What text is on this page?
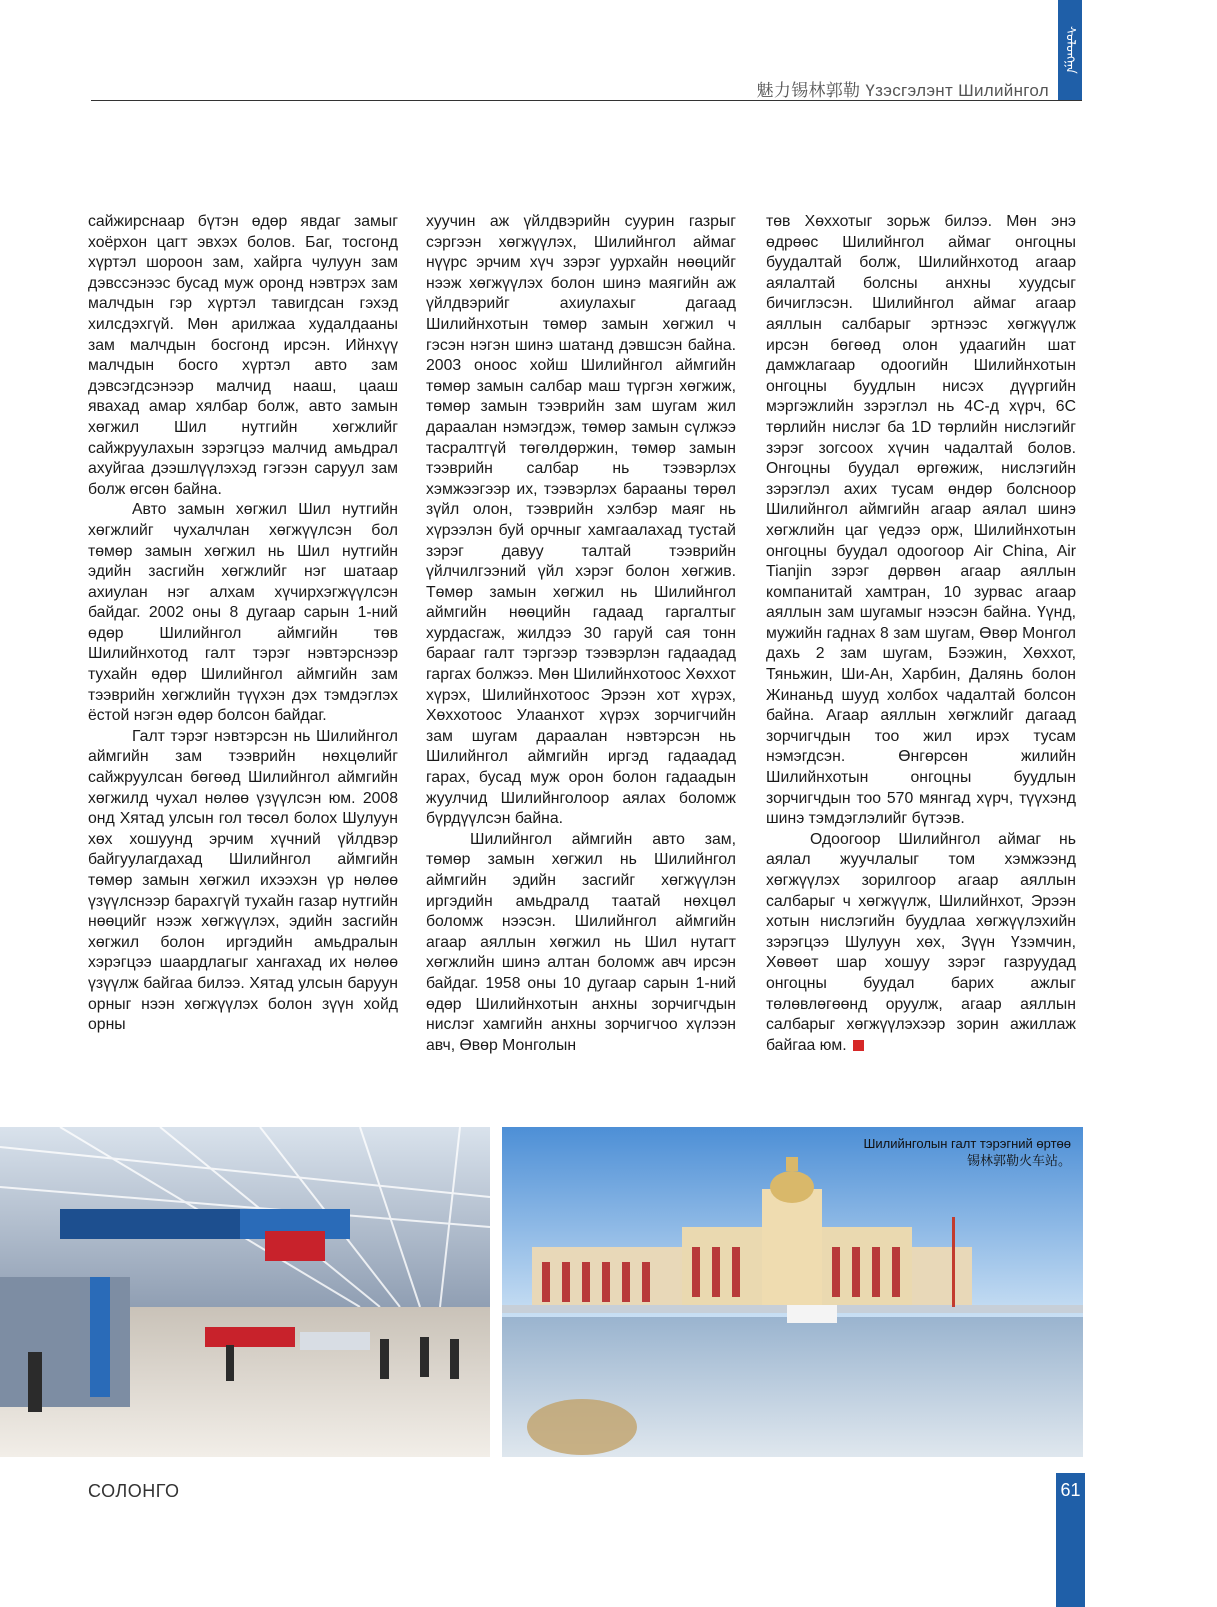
ᠰᠣᠯᠣᠩᠭ᠋ᠠ
魅力锡林郭勒 Үзэсгэлэнт Шилийнгол

сайжирснаар бүтэн өдөр явдаг замыг хоёрхон цагт эвхэх болов. Баг, тосгонд хүртэл шороон зам, хайрга чулуун зам дэвссэнээс бусад муж оронд нэвтрэх зам малчдын гэр хүртэл тавигдсан гэхэд хилсдэхгүй. Мөн арилжаа худалдааны зам малчдын босгонд ирсэн. Ийнхүү малчдын босго хүртэл авто зам дэвсэгдсэнээр малчид нааш, цааш явахад амар хялбар болж, авто замын хөгжил Шил нутгийн хөгжлийг сайжруулахын зэрэгцээ малчид амьдрал ахуйгаа дээшлүүлэхэд гэгээн саруул зам болж өгсөн байна.

Авто замын хөгжил Шил нутгийн хөгжлийг чухалчлан хөгжүүлсэн бол төмөр замын хөгжил нь Шил нутгийн эдийн засгийн хөгжлийг нэг шатаар ахиулан нэг алхам хүчирхэгжүүлсэн байдаг. 2002 оны 8 дугаар сарын 1-ний өдөр Шилийнгол аймгийн төв Шилийнхотод галт тэрэг нэвтэрснээр тухайн өдөр Шилийнгол аймгийн зам тээврийн хөгжлийн түүхэн дэх тэмдэглэх ёстой нэгэн өдөр болсон байдаг.

Галт тэрэг нэвтэрсэн нь Шилийнгол аймгийн зам тээврийн нөхцөлийг сайжруулсан бөгөөд Шилийнгол аймгийн хөгжилд чухал нөлөө үзүүлсэн юм. 2008 онд Хятад улсын гол төсөл болох Шулуун хөх хошуунд эрчим хүчний үйлдвэр байгуулагдахад Шилийнгол аймгийн төмөр замын хөгжил ихээхэн үр нөлөө үзүүлснээр барахгүй тухайн газар нутгийн нөөцийг нээж хөгжүүлэх, эдийн засгийн хөгжил болон иргэдийн амьдралын хэрэгцээ шаардлагыг хангахад их нөлөө үзүүлж байгаа билээ. Хятад улсын баруун орныг нээн хөгжүүлэх болон зүүн хойд орны

хуучин аж үйлдвэрийн суурин газрыг сэргээн хөгжүүлэх, Шилийнгол аймаг нүүрс эрчим хүч зэрэг уурхайн нөөцийг нээж хөгжүүлэх болон шинэ маягийн аж үйлдвэрийг ахиулахыг дагаад Шилийнхотын төмөр замын хөгжил ч гэсэн нэгэн шинэ шатанд дэвшсэн байна. 2003 оноос хойш Шилийнгол аймгийн төмөр замын салбар маш түргэн хөгжиж, төмөр замын тээврийн зам шугам жил дараалан нэмэгдэж, төмөр замын сүлжээ тасралтгүй төгөлдөржин, төмөр замын тээврийн салбар нь тээвэрлэх хэмжээгээр их, тээвэрлэх барааны төрөл зүйл олон, тээврийн хэлбэр маяг нь хүрээлэн буй орчныг хамгаалахад тустай зэрэг давуу талтай тээврийн үйлчилгээний үйл хэрэг болон хөгжив. Төмөр замын хөгжил нь Шилийнгол аймгийн нөөцийн гадаад гаргалтыг хурдасгаж, жилдээ 30 гаруй сая тонн барааг галт тэргээр тээвэрлэн гадаадад гаргах болжээ. Мөн Шилийнхотоос Хөххот хүрэх, Шилийнхотоос Эрээн хот хүрэх, Хөххотоос Улаанхот хүрэх зорчигчийн зам шугам дараалан нэвтэрсэн нь Шилийнгол аймгийн иргэд гадаадад гарах, бусад муж орон болон гадаадын жуулчид Шилийнголоор аялах боломж бүрдүүлсэн байна.

Шилийнгол аймгийн авто зам, төмөр замын хөгжил нь Шилийнгол аймгийн эдийн засгийг хөгжүүлэн иргэдийн амьдралд таатай нөхцөл боломж нээсэн. Шилийнгол аймгийн агаар аяллын хөгжил нь Шил нутагт хөгжлийн шинэ алтан боломж авч ирсэн байдаг. 1958 оны 10 дугаар сарын 1-ний өдөр Шилийнхотын анхны зорчигчдын нислэг хамгийн анхны зорчигчоо хүлээн авч, Өвөр Монголын

төв Хөххотыг зорьж билээ. Мөн энэ өдрөөс Шилийнгол аймаг онгоцны буудалтай болж, Шилийнхотод агаар аялалтай болсны анхны хуудсыг бичиглэсэн. Шилийнгол аймаг агаар аяллын салбарыг эртнээс хөгжүүлж ирсэн бөгөөд олон удаагийн шат дамжлагаар одоогийн Шилийнхотын онгоцны буудлын нисэх дүүргийн мэргэжлийн зэрэглэл нь 4C-д хүрч, 6C төрлийн нислэг ба 1D төрлийн нислэгийг зэрэг зогсоох хүчин чадалтай болов. Онгоцны буудал өргөжиж, нислэгийн зэрэглэл ахих тусам өндөр болсноор Шилийнгол аймгийн агаар аялал шинэ хөгжлийн цаг үедээ орж, Шилийнхотын онгоцны буудал одоогоор Air China, Air Tianjin зэрэг дөрвөн агаар аяллын компанитай хамтран, 10 зурвас агаар аяллын зам шугамыг нээсэн байна. Үүнд, мужийн гаднах 8 зам шугам, Өвөр Монгол дахь 2 зам шугам, Бээжин, Хөххот, Тяньжин, Ши-Ан, Харбин, Далянь болон Жинаньд шууд холбох чадалтай болсон байна. Агаар аяллын хөгжлийг дагаад зорчигчдын тоо жил ирэх тусам нэмэгдсэн. Өнгөрсөн жилийн Шилийнхотын онгоцны буудлын зорчигчдын тоо 570 мянгад хүрч, түүхэнд шинэ тэмдэглэлийг бүтээв.

Одоогоор Шилийнгол аймаг нь аялал жуучлалыг том хэмжээнд хөгжүүлэх зорилгоор агаар аяллын салбарыг ч хөгжүүлж, Шилийнхот, Эрээн хотын нислэгийн буудлаа хөгжүүлэхийн зэрэгцээ Шулуун хөх, Зүүн Үзэмчин, Хөвөөт шар хошуу зэрэг газруудад онгоцны буудал барих ажлыг төлөвлөгөөнд оруулж, агаар аяллын салбарыг хөгжүүлэхээр зорин ажиллаж байгаа юм.

Шилийнголын галт тэрэгний өртөө
锡林郭勒火车站。
СОЛОНГО	61
